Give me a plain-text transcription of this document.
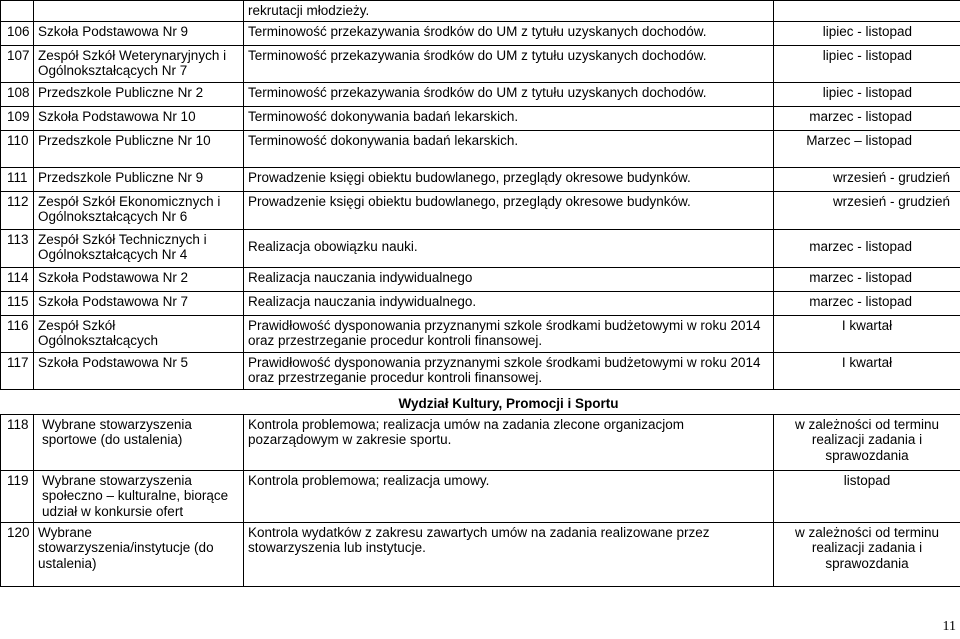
		rekrutacji młodzieży.	
106	Szkoła Podstawowa Nr 9	Terminowość przekazywania środków do UM z tytułu uzyskanych dochodów.	lipiec - listopad
107	Zespół Szkół Weterynaryjnych i Ogólnokształcących Nr 7	Terminowość przekazywania środków do UM z tytułu uzyskanych dochodów.	lipiec - listopad
108	Przedszkole Publiczne Nr 2	Terminowość przekazywania środków do UM z tytułu uzyskanych dochodów.	lipiec - listopad
109	Szkoła Podstawowa Nr 10	Terminowość dokonywania badań lekarskich.	marzec - listopad
110	Przedszkole Publiczne Nr 10	Terminowość dokonywania badań lekarskich.	Marzec – listopad
111	Przedszkole Publiczne Nr 9	Prowadzenie księgi obiektu budowlanego, przeglądy okresowe budynków.	wrzesień - grudzień
112	Zespół Szkół Ekonomicznych i Ogólnokształcących Nr 6	Prowadzenie księgi obiektu budowlanego, przeglądy okresowe budynków.	wrzesień - grudzień
113	Zespół Szkół Technicznych i Ogólnokształcących Nr 4	Realizacja obowiązku nauki.	marzec - listopad
114	Szkoła Podstawowa Nr 2	Realizacja nauczania indywidualnego	marzec - listopad
115	Szkoła Podstawowa Nr 7	Realizacja nauczania indywidualnego.	marzec - listopad
116	Zespół Szkół Ogólnokształcących	Prawidłowość dysponowania przyznanymi szkole środkami budżetowymi w roku 2014 oraz przestrzeganie procedur kontroli finansowej.	I kwartał
117	Szkoła Podstawowa Nr 5	Prawidłowość dysponowania przyznanymi szkole środkami budżetowymi w roku 2014 oraz przestrzeganie procedur kontroli finansowej.	I kwartał
		Wydział Kultury, Promocji i Sportu	
118	Wybrane stowarzyszenia sportowe (do ustalenia)	Kontrola problemowa; realizacja umów na zadania zlecone organizacjom pozarządowym w zakresie sportu.	w zależności od terminu realizacji zadania i sprawozdania
119	Wybrane stowarzyszenia społeczno – kulturalne, biorące udział w konkursie ofert	Kontrola problemowa; realizacja umowy.	listopad
120	Wybrane stowarzyszenia/instytucje (do ustalenia)	Kontrola wydatków z zakresu zawartych umów na zadania realizowane przez stowarzyszenia lub instytucje.	w zależności od terminu realizacji zadania i sprawozdania
11
